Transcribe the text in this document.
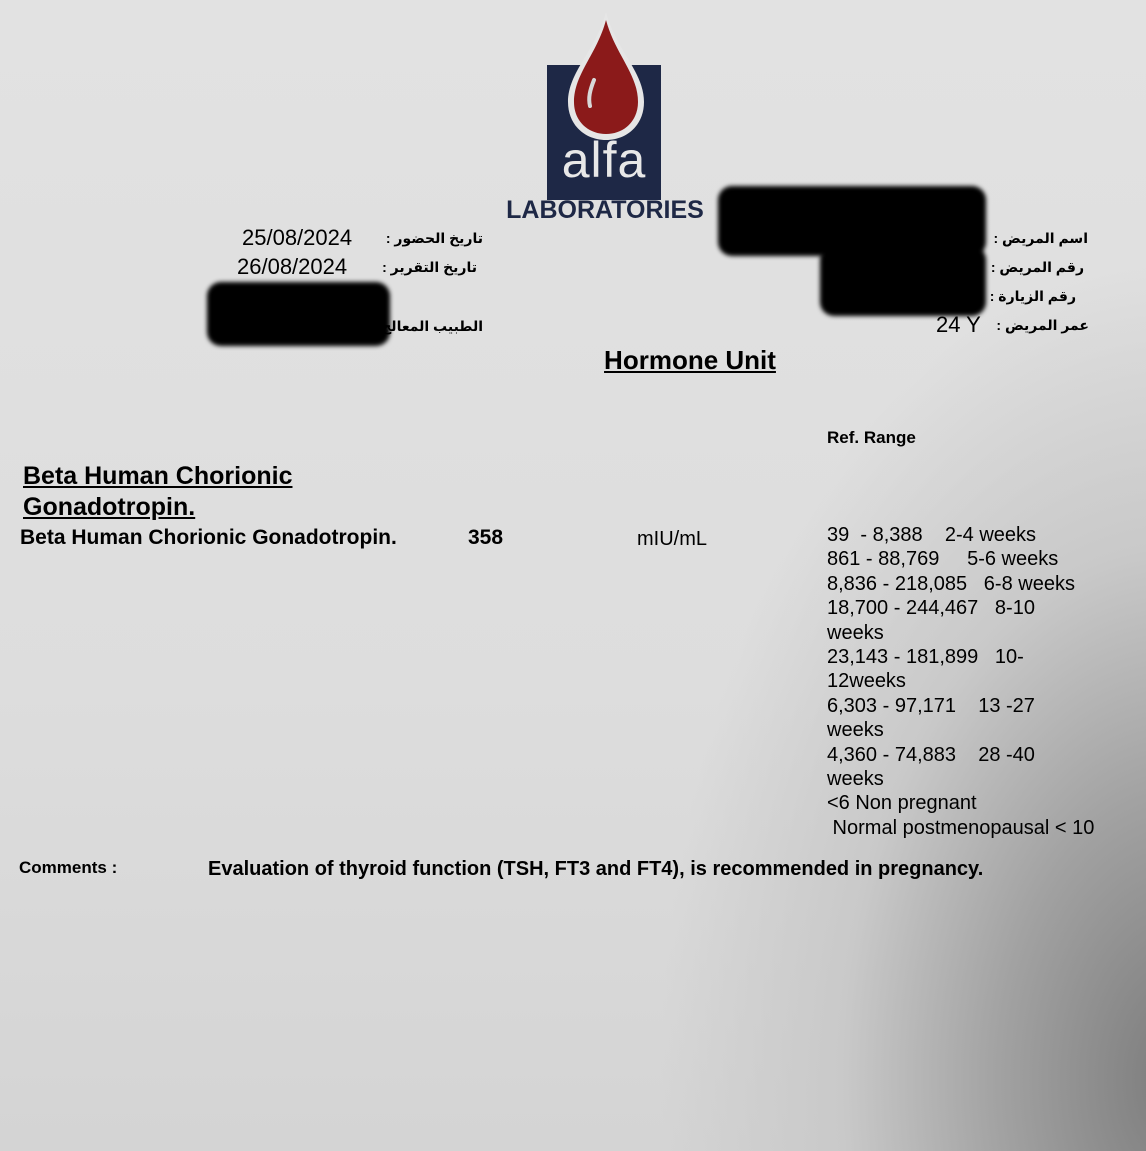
alfa
LABORATORIES
25/08/2024	تاريخ الحضور :
26/08/2024	تاريخ التقرير :
الطبيب المعالج
اسم المريض :
رقم المريض :
1	8 رقم الزيارة :
24 Y	عمر المريض :
Hormone Unit
Ref. Range
Beta Human Chorionic
Gonadotropin.
Beta Human Chorionic Gonadotropin.	358	mIU/mL	39  - 8,388    2-4 weeks
861 - 88,769     5-6 weeks
8,836 - 218,085   6-8 weeks
18,700 - 244,467   8-10
weeks
23,143 - 181,899   10-
12weeks
6,303 - 97,171    13 -27
weeks
4,360 - 74,883    28 -40
weeks
<6 Non pregnant
Normal postmenopausal < 10
Comments :	Evaluation of thyroid function (TSH, FT3 and FT4), is recommended in pregnancy.
